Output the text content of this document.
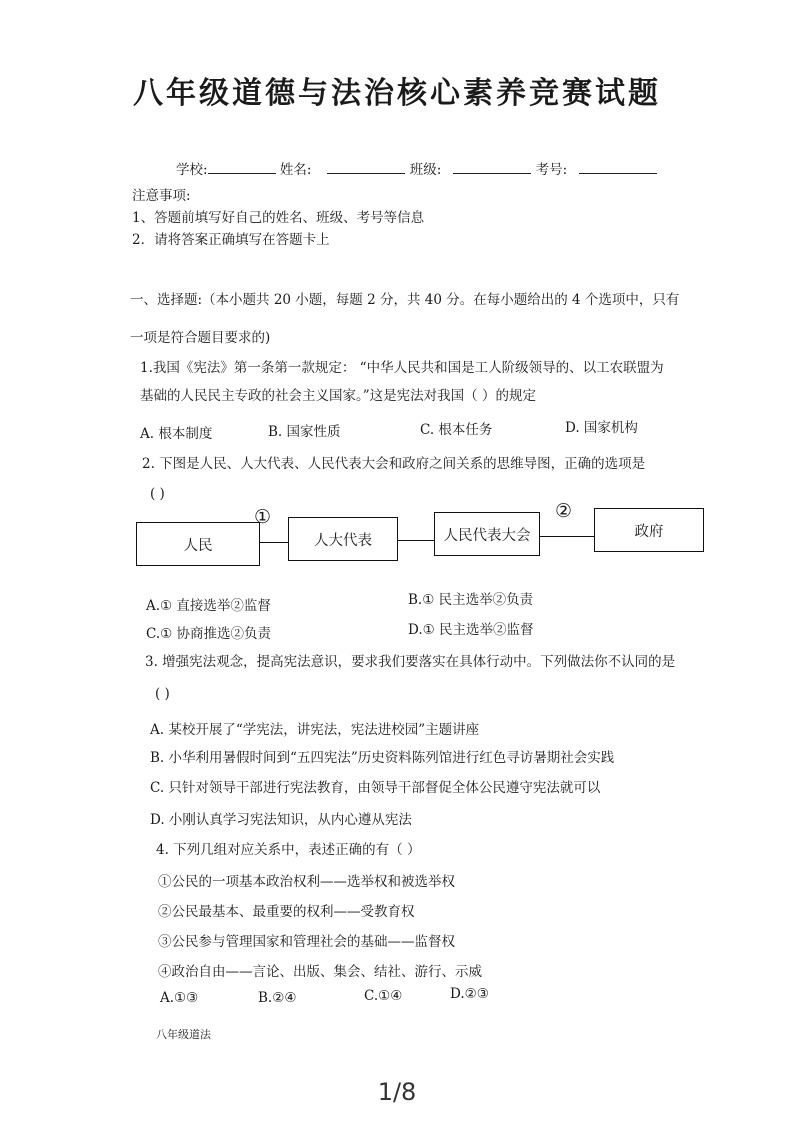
八年级道德与法治核心素养竞赛试题
学校:	姓名:	班级:	考号:
注意事项:
1、答题前填写好自己的姓名、班级、考号等信息
2．请将答案正确填写在答题卡上
一、选择题:（本小题共 20 小题，每题 2 分，共 40 分。在每小题给出的 4 个选项中，只有
一项是符合题目要求的)
1.我国《宪法》第一条第一款规定： “中华人民共和国是工人阶级领导的、以工农联盟为
基础的人民民主专政的社会主义国家。”这是宪法对我国（ ）的规定
A. 根本制度	B. 国家性质	C. 根本任务	D. 国家机构
2. 下图是人民、人大代表、人民代表大会和政府之间关系的思维导图，正确的选项是
( )
人民	人大代表	人民代表大会	政府
①	②
A.① 直接选举②监督	B.① 民主选举②负责
C.① 协商推选②负责	D.① 民主选举②监督
3. 增强宪法观念，提高宪法意识，要求我们要落实在具体行动中。下列做法你不认同的是
( )
A. 某校开展了“学宪法，讲宪法，宪法进校园”主题讲座
B. 小华利用暑假时间到“五四宪法”历史资料陈列馆进行红色寻访暑期社会实践
C. 只针对领导干部进行宪法教育，由领导干部督促全体公民遵守宪法就可以
D. 小刚认真学习宪法知识，从内心遵从宪法
4. 下列几组对应关系中，表述正确的有（ ）
①公民的一项基本政治权利——选举权和被选举权
②公民最基本、最重要的权利——受教育权
③公民参与管理国家和管理社会的基础——监督权
④政治自由——言论、出版、集会、结社、游行、示威
A.①③	B.②④	C.①④	D.②③
八年级道法
1/8
